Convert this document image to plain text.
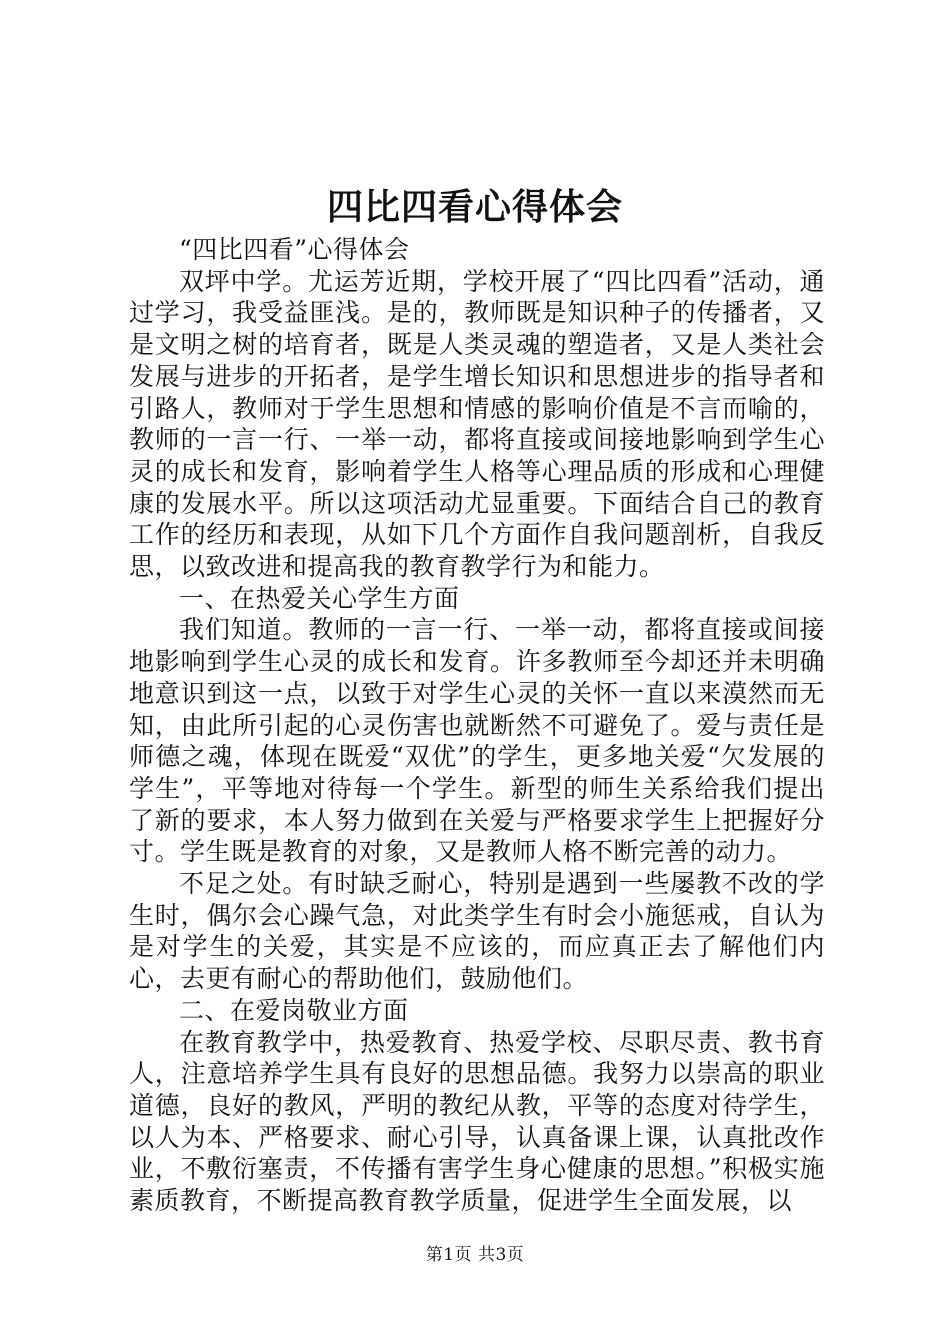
四比四看心得体会

“四比四看”心得体会

双坪中学。尤运芳近期，学校开展了“四比四看”活动，通过学习，我受益匪浅。是的，教师既是知识种子的传播者，又是文明之树的培育者，既是人类灵魂的塑造者，又是人类社会发展与进步的开拓者，是学生增长知识和思想进步的指导者和引路人，教师对于学生思想和情感的影响价值是不言而喻的，教师的一言一行、一举一动，都将直接或间接地影响到学生心灵的成长和发育，影响着学生人格等心理品质的形成和心理健康的发展水平。所以这项活动尤显重要。下面结合自己的教育工作的经历和表现，从如下几个方面作自我问题剖析，自我反思，以致改进和提高我的教育教学行为和能力。

一、在热爱关心学生方面

我们知道。教师的一言一行、一举一动，都将直接或间接地影响到学生心灵的成长和发育。许多教师至今却还并未明确地意识到这一点，以致于对学生心灵的关怀一直以来漠然而无知，由此所引起的心灵伤害也就断然不可避免了。爱与责任是师德之魂，体现在既爱“双优”的学生，更多地关爱“欠发展的学生”，平等地对待每一个学生。新型的师生关系给我们提出了新的要求，本人努力做到在关爱与严格要求学生上把握好分寸。学生既是教育的对象，又是教师人格不断完善的动力。

不足之处。有时缺乏耐心，特别是遇到一些屡教不改的学生时，偶尔会心躁气急，对此类学生有时会小施惩戒，自认为是对学生的关爱，其实是不应该的，而应真正去了解他们内心，去更有耐心的帮助他们，鼓励他们。

二、在爱岗敬业方面

在教育教学中，热爱教育、热爱学校、尽职尽责、教书育人，注意培养学生具有良好的思想品德。我努力以崇高的职业道德，良好的教风，严明的教纪从教，平等的态度对待学生，以人为本、严格要求、耐心引导，认真备课上课，认真批改作业，不敷衍塞责，不传播有害学生身心健康的思想。”积极实施素质教育，不断提高教育教学质量，促进学生全面发展，以

第1页 共3页
